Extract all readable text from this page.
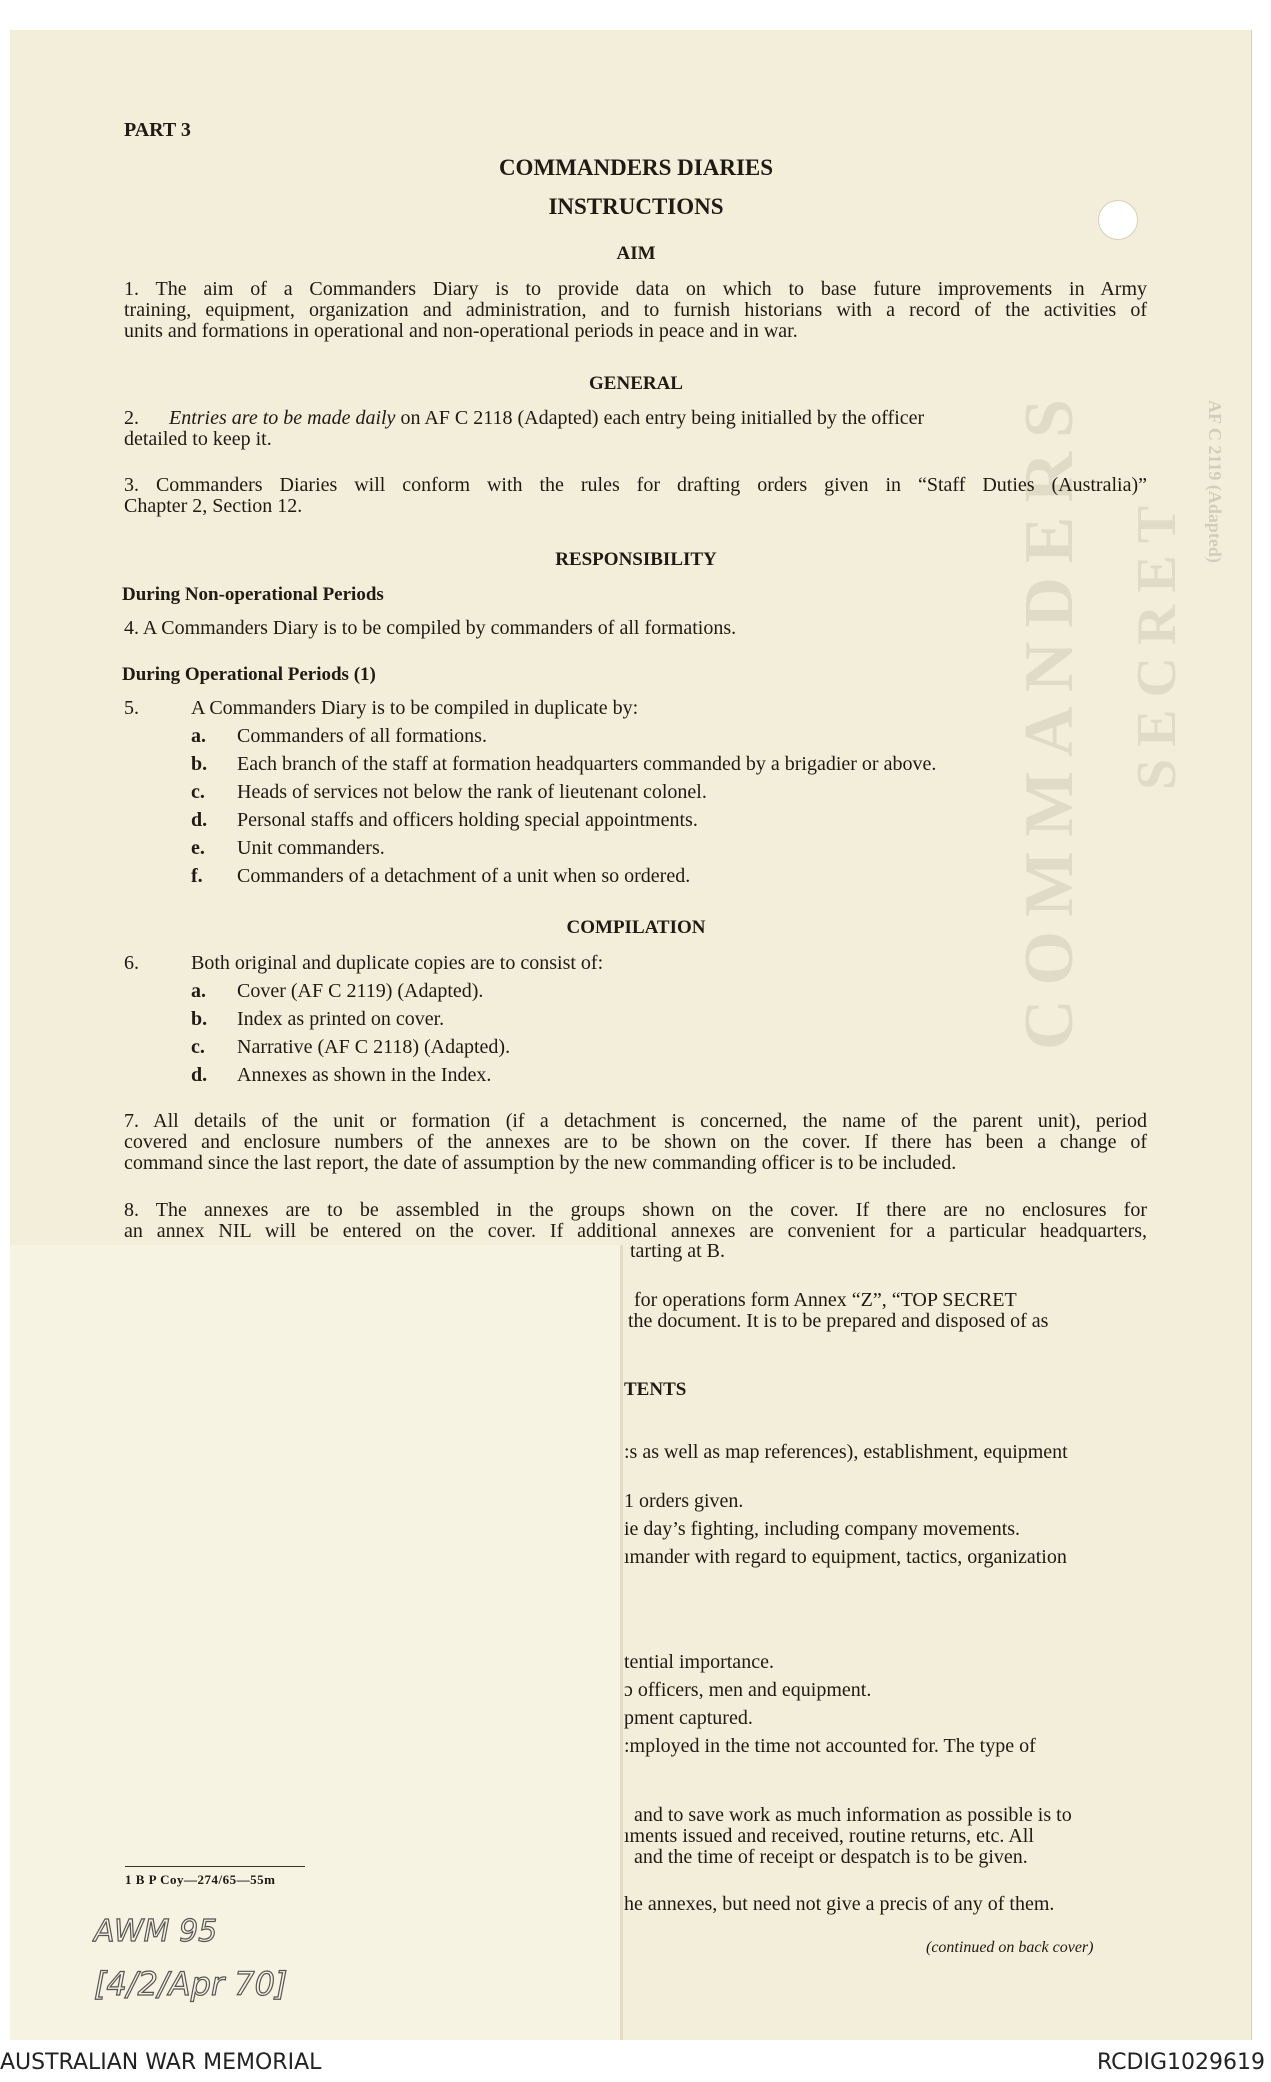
COMMANDERS SECRET
AF C 2119 (Adapted)
PART 3
COMMANDERS DIARIES
INSTRUCTIONS
AIM
1. The aim of a Commanders Diary is to provide data on which to base future improvements in Army
training, equipment, organization and administration, and to furnish historians with a record of the activities of
units and formations in operational and non-operational periods in peace and in war.
GENERAL
2. Entries are to be made daily on AF C 2118 (Adapted) each entry being initialled by the officer
detailed to keep it.
3. Commanders Diaries will conform with the rules for drafting orders given in “Staff Duties (Australia)”
Chapter 2, Section 12.
RESPONSIBILITY
During Non-operational Periods
4. A Commanders Diary is to be compiled by commanders of all formations.
During Operational Periods (1)
5.	A Commanders Diary is to be compiled in duplicate by:
a. Commanders of all formations.
b. Each branch of the staff at formation headquarters commanded by a brigadier or above.
c. Heads of services not below the rank of lieutenant colonel.
d. Personal staffs and officers holding special appointments.
e. Unit commanders.
f. Commanders of a detachment of a unit when so ordered.
COMPILATION
6.	Both original and duplicate copies are to consist of:
a. Cover (AF C 2119) (Adapted).
b. Index as printed on cover.
c. Narrative (AF C 2118) (Adapted).
d. Annexes as shown in the Index.
7. All details of the unit or formation (if a detachment is concerned, the name of the parent unit), period
covered and enclosure numbers of the annexes are to be shown on the cover. If there has been a change of
command since the last report, the date of assumption by the new commanding officer is to be included.
8. The annexes are to be assembled in the groups shown on the cover. If there are no enclosures for
an annex NIL will be entered on the cover. If additional annexes are convenient for a particular headquarters,
tarting at B.
for operations form Annex “Z”, “TOP SECRET
the document. It is to be prepared and disposed of as
TENTS
:s as well as map references), establishment, equipment
1 orders given.
ie day’s fighting, including company movements.
ımander with regard to equipment, tactics, organization
tential importance.
ɔ officers, men and equipment.
pment captured.
:mployed in the time not accounted for. The type of
and to save work as much information as possible is to
ıments issued and received, routine returns, etc. All
and the time of receipt or despatch is to be given.
he annexes, but need not give a precis of any of them.
(continued on back cover)
1 B P Coy—274/65—55m
AWM 95
[4/2/Apr 70]
AUSTRALIAN WAR MEMORIAL	RCDIG1029619
